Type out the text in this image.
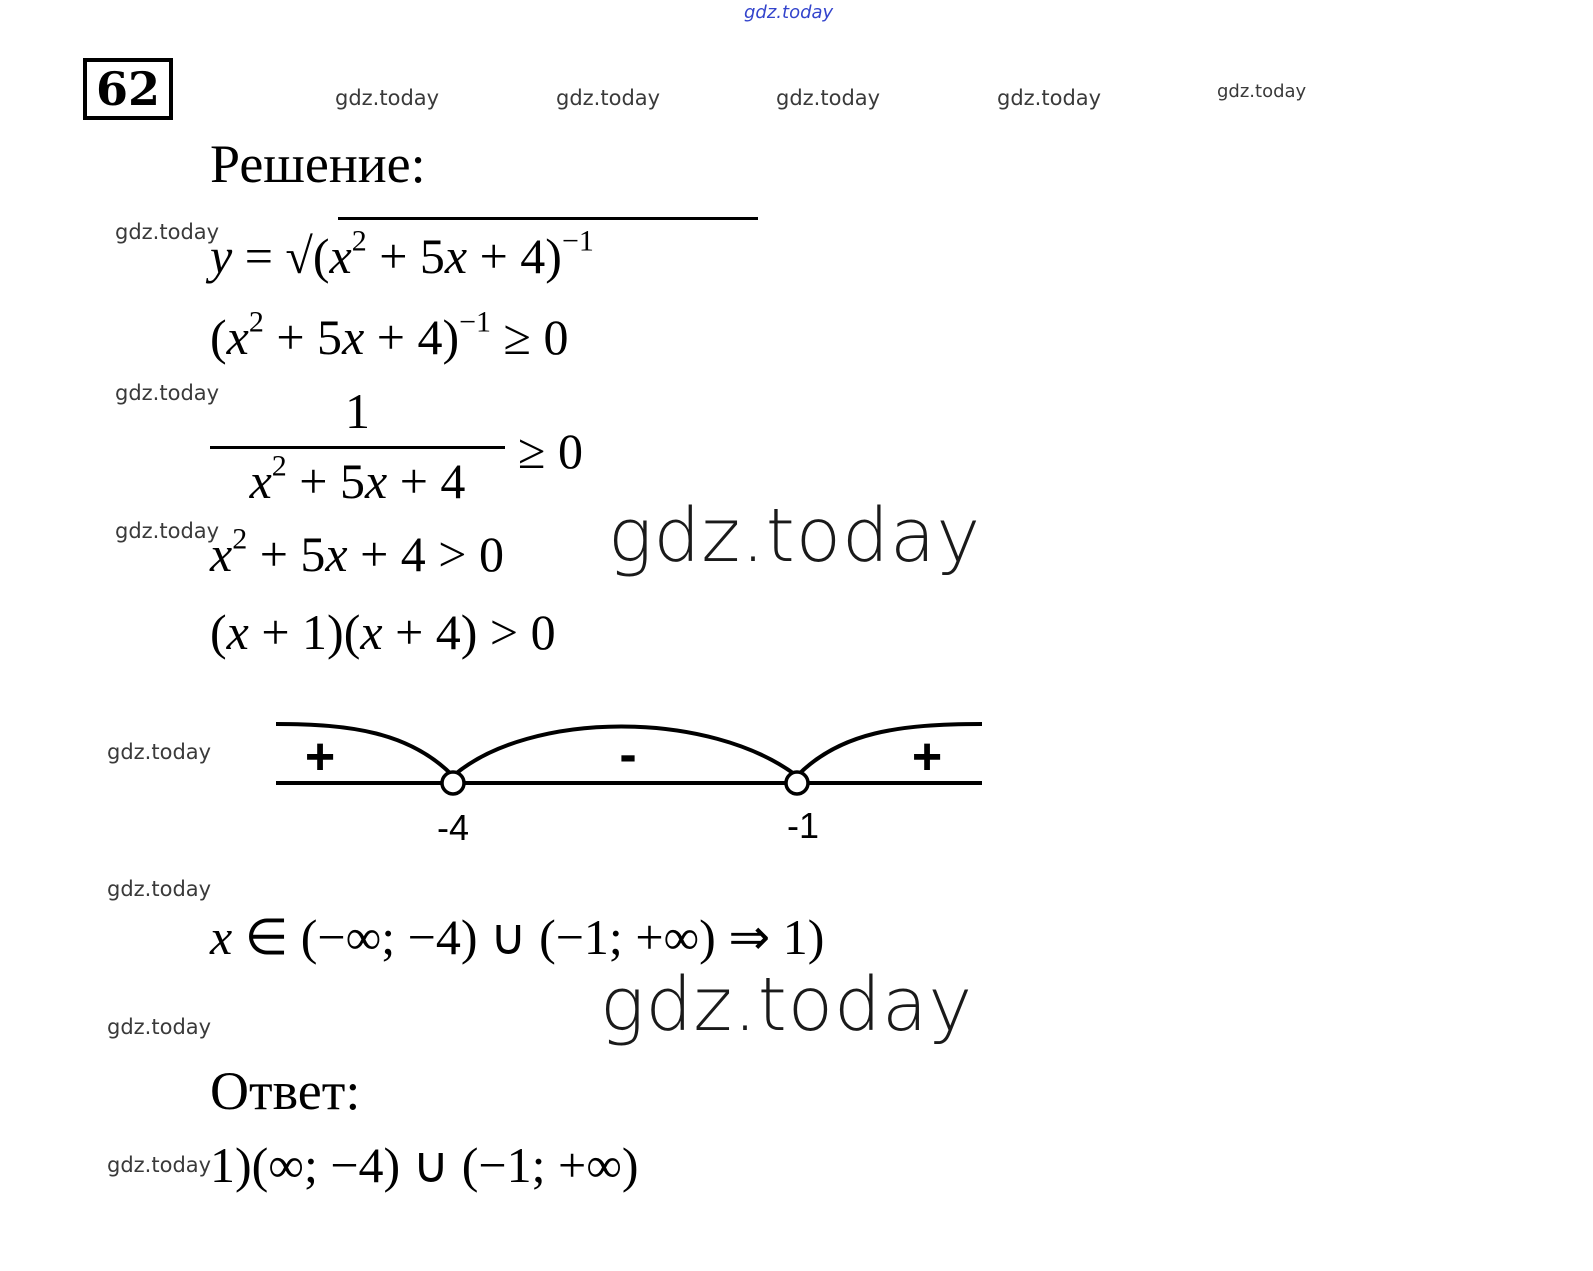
gdz.today
gdz.today	gdz.today	gdz.today	gdz.today	gdz.today
gdz.today
gdz.today
gdz.today
gdz.today
gdz.today
gdz.today
gdz.today
gdz.today
gdz.today
62
Решение:
$y = √(x^2 + 5x + 4)^{-1}$
$(x^2 + 5x + 4)^{-1} \ge 0$
1
$x^2 + 5x + 4$
≥ 0
$x^2 + 5x + 4 > 0$
(x + 1)(x + 4) > 0
+	-	+
-4	-1
x ∈ (−∞; −4) ∪ (−1; +∞) ⇒ 1)
Ответ:
1)(∞; −4) ∪ (−1; +∞)
